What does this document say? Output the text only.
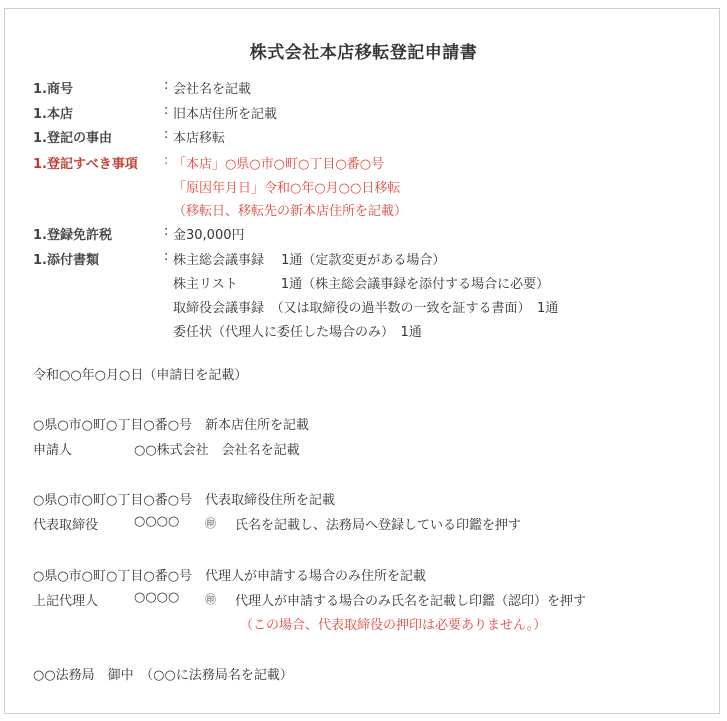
株式会社本店移転登記申請書
1.商号	: 会社名を記載
1.本店	: 旧本店住所を記載
1.登記の事由	: 本店移転
1.登記すべき事項 : 「本店」○県○市○町○丁目○番○号
「原因年月日」令和○年○月○○日移転
（移転日、移転先の新本店住所を記載）
1.登録免許税	: 金30,000円
1.添付書類	: 株主総会議事録　 1通（定款変更がある場合）
株主リスト　　　 1通（株主総会議事録を添付する場合に必要）
取締役会議事録　（又は取締役の過半数の一致を証する書面）　1通
委任状（代理人に委任した場合のみ）　1通
令和○○年○月○日（申請日を記載）
○県○市○町○丁目○番○号　新本店住所を記載
申請人	○○株式会社　会社名を記載
○県○市○町○丁目○番○号　代表取締役住所を記載
代表取締役	○○○○ ㊞ 氏名を記載し、法務局へ登録している印鑑を押す
○県○市○町○丁目○番○号　代理人が申請する場合のみ住所を記載
上記代理人	○○○○ ㊞ 代理人が申請する場合のみ氏名を記載し印鑑（認印）を押す
（この場合、代表取締役の押印は必要ありません。）
○○法務局　御中　（○○に法務局名を記載）
